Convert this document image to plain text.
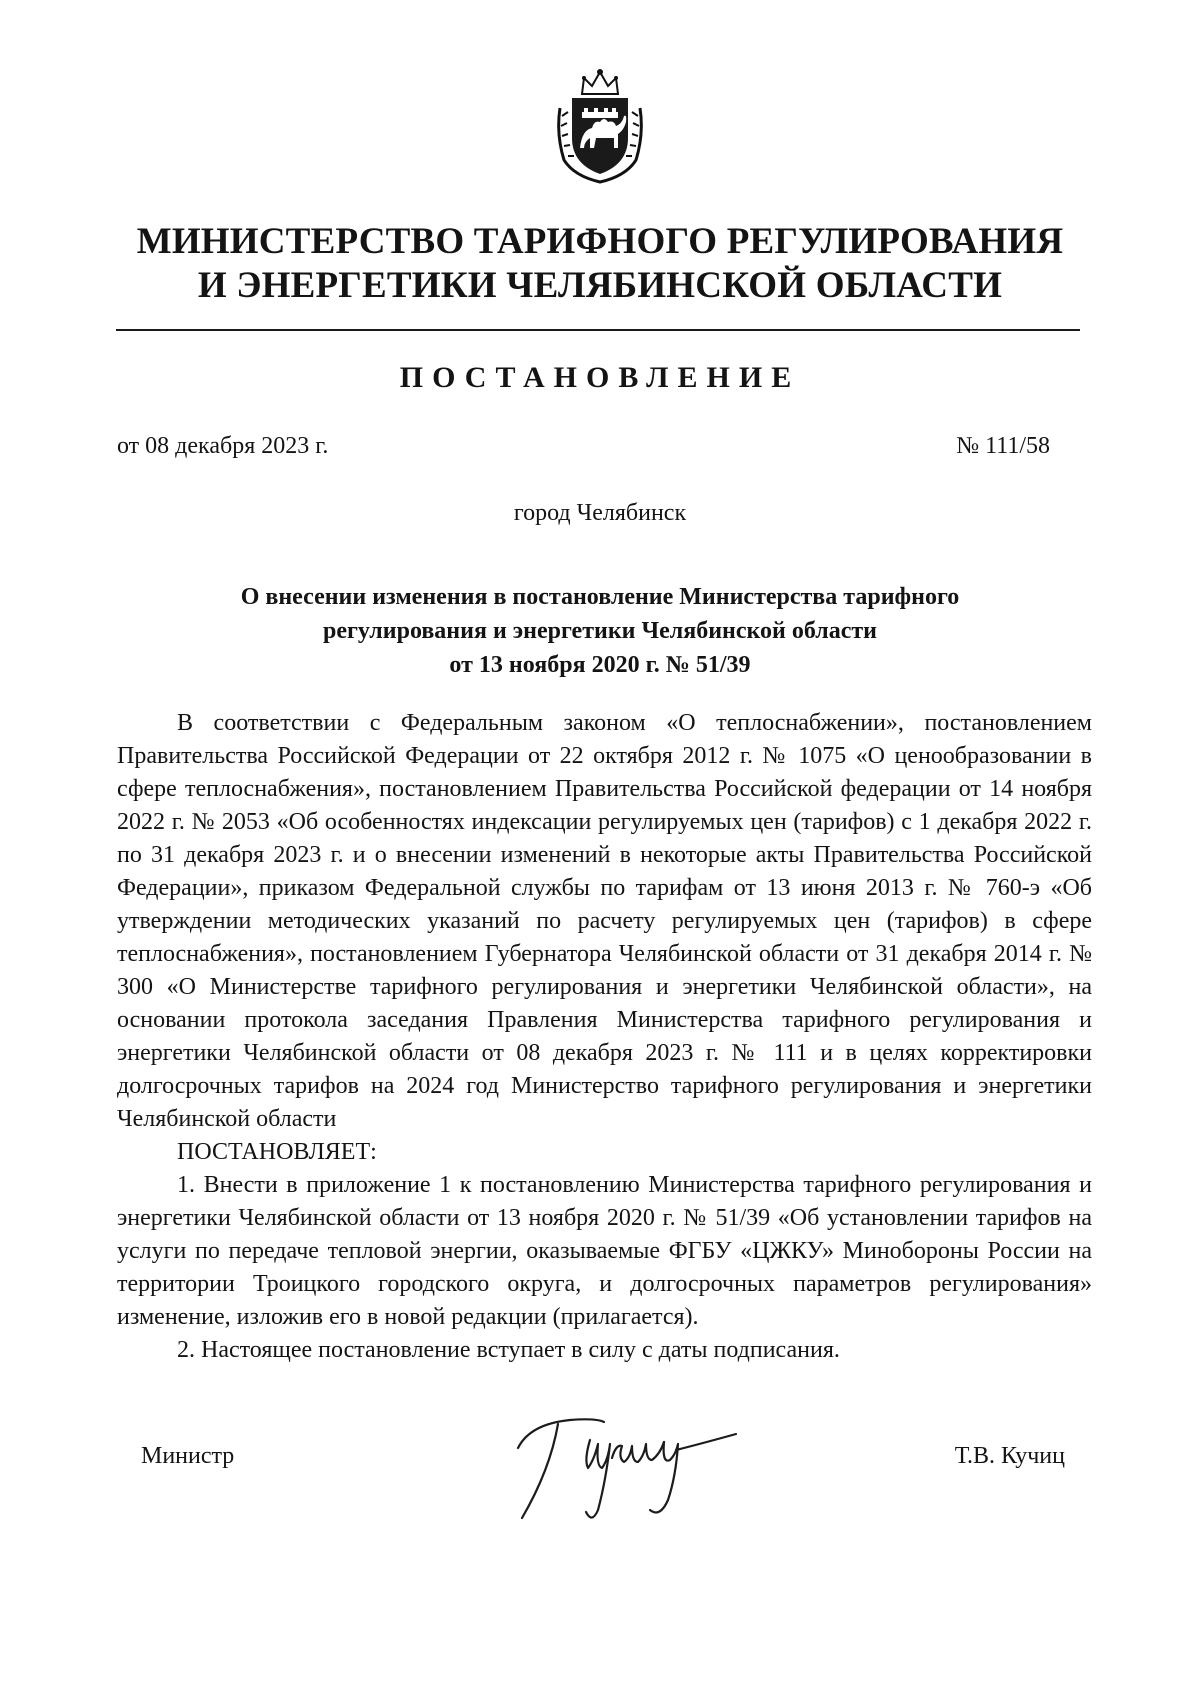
МИНИСТЕРСТВО ТАРИФНОГО РЕГУЛИРОВАНИЯ
И ЭНЕРГЕТИКИ ЧЕЛЯБИНСКОЙ ОБЛАСТИ
ПОСТАНОВЛЕНИЕ
от 08 декабря 2023 г.	№ 111/58
город Челябинск
О внесении изменения в постановление Министерства тарифного
регулирования и энергетики Челябинской области
от 13 ноября 2020 г. № 51/39

В соответствии с Федеральным законом «О теплоснабжении», постановлением Правительства Российской Федерации от 22 октября 2012 г. № 1075 «О ценообразовании в сфере теплоснабжения», постановлением Правительства Российской федерации от 14 ноября 2022 г. № 2053 «Об особенностях индексации регулируемых цен (тарифов) с 1 декабря 2022 г. по 31 декабря 2023 г. и о внесении изменений в некоторые акты Правительства Российской Федерации», приказом Федеральной службы по тарифам от 13 июня 2013 г. № 760-э «Об утверждении методических указаний по расчету регулируемых цен (тарифов) в сфере теплоснабжения», постановлением Губернатора Челябинской области от 31 декабря 2014 г. № 300 «О Министерстве тарифного регулирования и энергетики Челябинской области», на основании протокола заседания Правления Министерства тарифного регулирования и энергетики Челябинской области от 08 декабря 2023 г. № 111 и в целях корректировки долгосрочных тарифов на 2024 год Министерство тарифного регулирования и энергетики Челябинской области

ПОСТАНОВЛЯЕТ:

1. Внести в приложение 1 к постановлению Министерства тарифного регулирования и энергетики Челябинской области от 13 ноября 2020 г. № 51/39 «Об установлении тарифов на услуги по передаче тепловой энергии, оказываемые ФГБУ «ЦЖКУ» Минобороны России на территории Троицкого городского округа, и долгосрочных параметров регулирования» изменение, изложив его в новой редакции (прилагается).

2. Настоящее постановление вступает в силу с даты подписания.

Министр	Т.В. Кучиц
